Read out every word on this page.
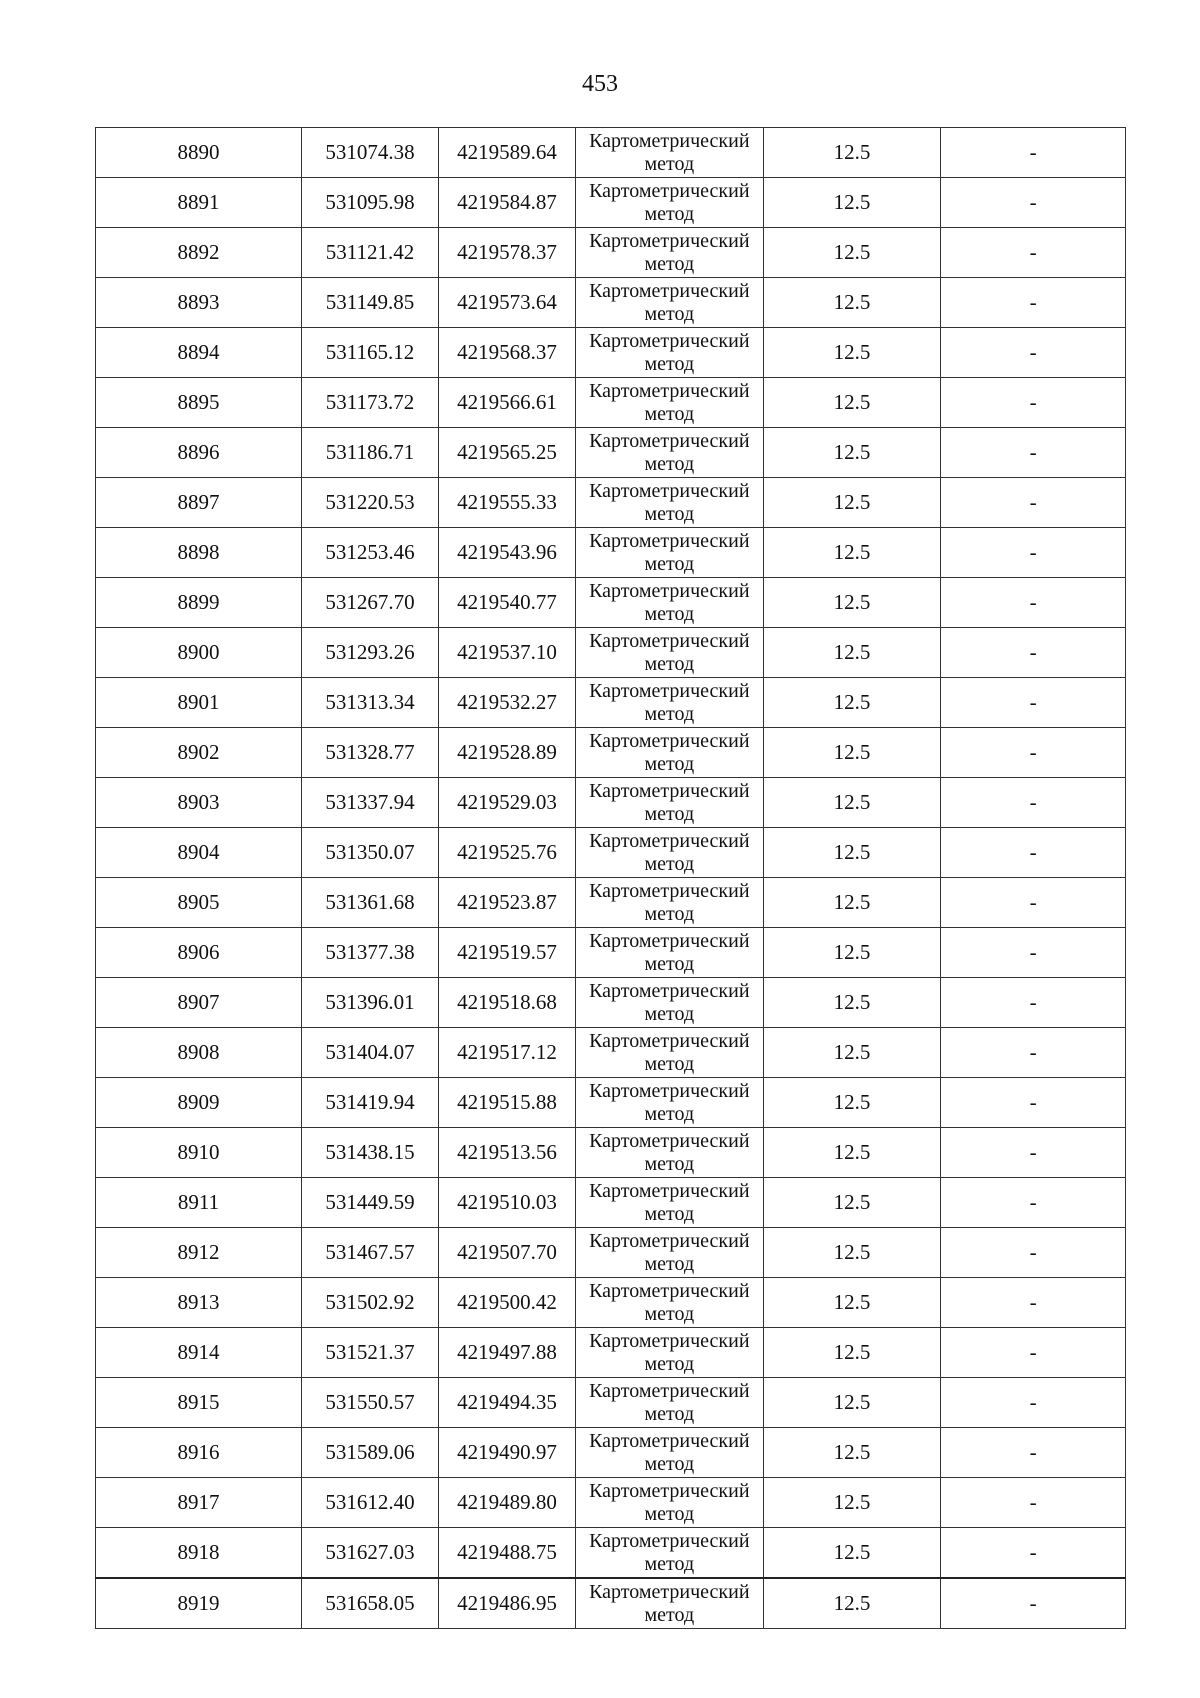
453
8890	531074.38	4219589.64	Картометрический
метод	12.5	-
8891	531095.98	4219584.87	Картометрический
метод	12.5	-
8892	531121.42	4219578.37	Картометрический
метод	12.5	-
8893	531149.85	4219573.64	Картометрический
метод	12.5	-
8894	531165.12	4219568.37	Картометрический
метод	12.5	-
8895	531173.72	4219566.61	Картометрический
метод	12.5	-
8896	531186.71	4219565.25	Картометрический
метод	12.5	-
8897	531220.53	4219555.33	Картометрический
метод	12.5	-
8898	531253.46	4219543.96	Картометрический
метод	12.5	-
8899	531267.70	4219540.77	Картометрический
метод	12.5	-
8900	531293.26	4219537.10	Картометрический
метод	12.5	-
8901	531313.34	4219532.27	Картометрический
метод	12.5	-
8902	531328.77	4219528.89	Картометрический
метод	12.5	-
8903	531337.94	4219529.03	Картометрический
метод	12.5	-
8904	531350.07	4219525.76	Картометрический
метод	12.5	-
8905	531361.68	4219523.87	Картометрический
метод	12.5	-
8906	531377.38	4219519.57	Картометрический
метод	12.5	-
8907	531396.01	4219518.68	Картометрический
метод	12.5	-
8908	531404.07	4219517.12	Картометрический
метод	12.5	-
8909	531419.94	4219515.88	Картометрический
метод	12.5	-
8910	531438.15	4219513.56	Картометрический
метод	12.5	-
8911	531449.59	4219510.03	Картометрический
метод	12.5	-
8912	531467.57	4219507.70	Картометрический
метод	12.5	-
8913	531502.92	4219500.42	Картометрический
метод	12.5	-
8914	531521.37	4219497.88	Картометрический
метод	12.5	-
8915	531550.57	4219494.35	Картометрический
метод	12.5	-
8916	531589.06	4219490.97	Картометрический
метод	12.5	-
8917	531612.40	4219489.80	Картометрический
метод	12.5	-
8918	531627.03	4219488.75	Картометрический
метод	12.5	-
8919	531658.05	4219486.95	Картометрический
метод	12.5	-
